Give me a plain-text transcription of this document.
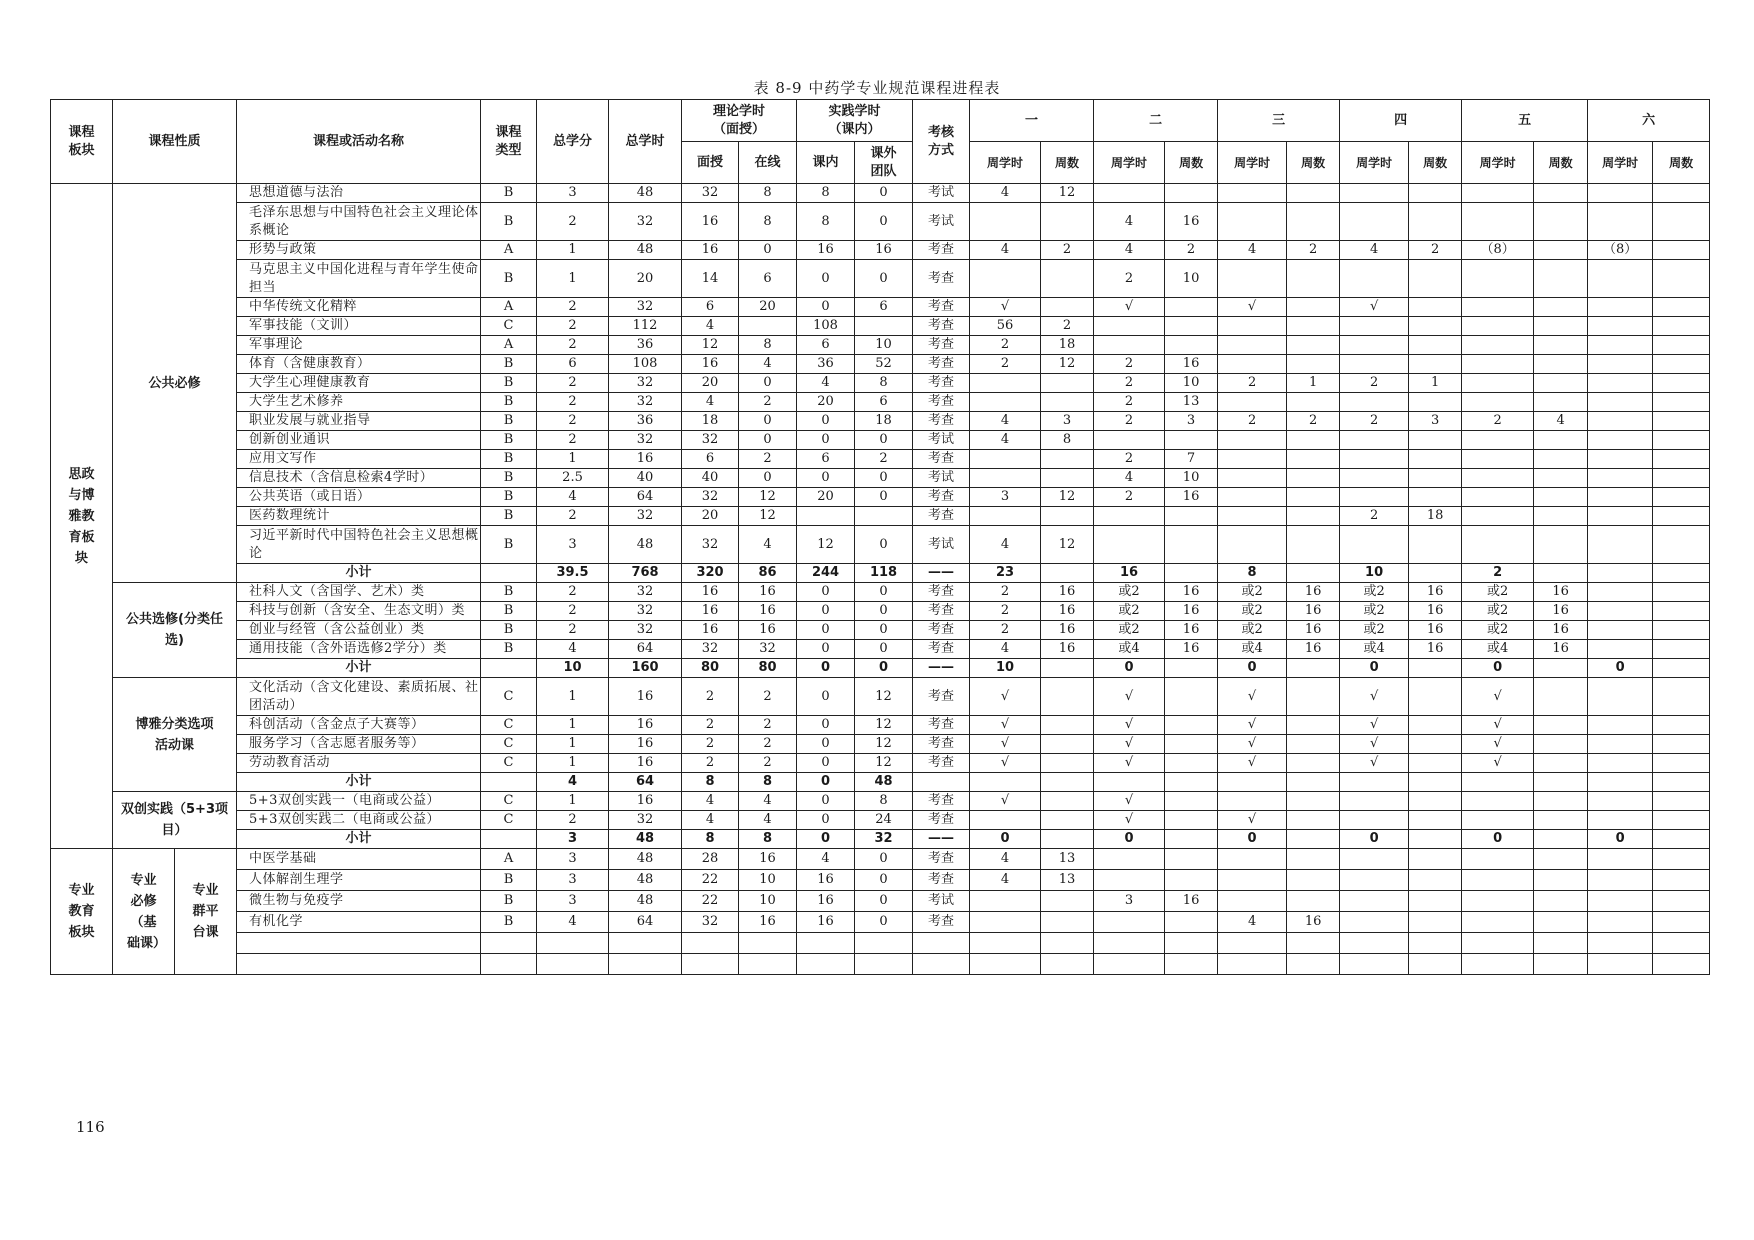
表 8-9 中药学专业规范课程进程表
课程板块	课程性质		课程或活动名称	课程类型	总学分	总学时	理论学时（面授）		实践学时（课内）		考核方式	一		二		三		四		五		六	
							面授	在线	课内	课外团队		周学时	周数	周学时	周数	周学时	周数	周学时	周数	周学时	周数	周学时	周数
思政与博雅教育板块	公共必修		思想道德与法治	B	3	48	32	8	8	0	考试	4	12										
			毛泽东思想与中国特色社会主义理论体系概论	B	2	32	16	8	8	0	考试			4	16								
			形势与政策	A	1	48	16	0	16	16	考查	4	2	4	2	4	2	4	2	（8）		（8）	
			马克思主义中国化进程与青年学生使命担当	B	1	20	14	6	0	0	考查			2	10								
			中华传统文化精粹	A	2	32	6	20	0	6	考查	√		√		√		√					
			军事技能（文训）	C	2	112	4		108		考查	56	2										
			军事理论	A	2	36	12	8	6	10	考查	2	18										
			体育（含健康教育）	B	6	108	16	4	36	52	考查	2	12	2	16								
			大学生心理健康教育	B	2	32	20	0	4	8	考查			2	10	2	1	2	1				
			大学生艺术修养	B	2	32	4	2	20	6	考查			2	13								
			职业发展与就业指导	B	2	36	18	0	0	18	考查	4	3	2	3	2	2	2	3	2	4		
			创新创业通识	B	2	32	32	0	0	0	考试	4	8										
			应用文写作	B	1	16	6	2	6	2	考查			2	7								
			信息技术（含信息检索4学时）	B	2.5	40	40	0	0	0	考试			4	10								
			公共英语（或日语）	B	4	64	32	12	20	0	考查	3	12	2	16								
			医药数理统计	B	2	32	20	12			考查							2	18				
			习近平新时代中国特色社会主义思想概论	B	3	48	32	4	12	0	考试	4	12										
			小计		39.5	768	320	86	244	118	——	23		16		8		10		2			
	公共选修(分类任选)		社科人文（含国学、艺术）类	B	2	32	16	16	0	0	考查	2	16	或2	16	或2	16	或2	16	或2	16		
			科技与创新（含安全、生态文明）类	B	2	32	16	16	0	0	考查	2	16	或2	16	或2	16	或2	16	或2	16		
			创业与经管（含公益创业）类	B	2	32	16	16	0	0	考查	2	16	或2	16	或2	16	或2	16	或2	16		
			通用技能（含外语选修2学分）类	B	4	64	32	32	0	0	考查	4	16	或4	16	或4	16	或4	16	或4	16		
			小计		10	160	80	80	0	0	——	10		0		0		0		0		0	
	博雅分类选项活动课		文化活动（含文化建设、素质拓展、社团活动）	C	1	16	2	2	0	12	考查	√		√		√		√		√			
			科创活动（含金点子大赛等）	C	1	16	2	2	0	12	考查	√		√		√		√		√			
			服务学习（含志愿者服务等）	C	1	16	2	2	0	12	考查	√		√		√		√		√			
			劳动教育活动	C	1	16	2	2	0	12	考查	√		√		√		√		√			
			小计		4	64	8	8	0	48													
	双创实践（5+3项目）		5+3双创实践一（电商或公益）	C	1	16	4	4	0	8	考查	√		√									
			5+3双创实践二（电商或公益）	C	2	32	4	4	0	24	考查			√		√							
			小计		3	48	8	8	0	32	——	0		0		0		0		0		0	
专业教育板块	专业必修（基础课）	专业群平台课	中医学基础	A	3	48	28	16	4	0	考查	4	13										
			人体解剖生理学	B	3	48	22	10	16	0	考查	4	13										
			微生物与免疫学	B	3	48	22	10	16	0	考试			3	16								
			有机化学	B	4	64	32	16	16	0	考查					4	16						

116
